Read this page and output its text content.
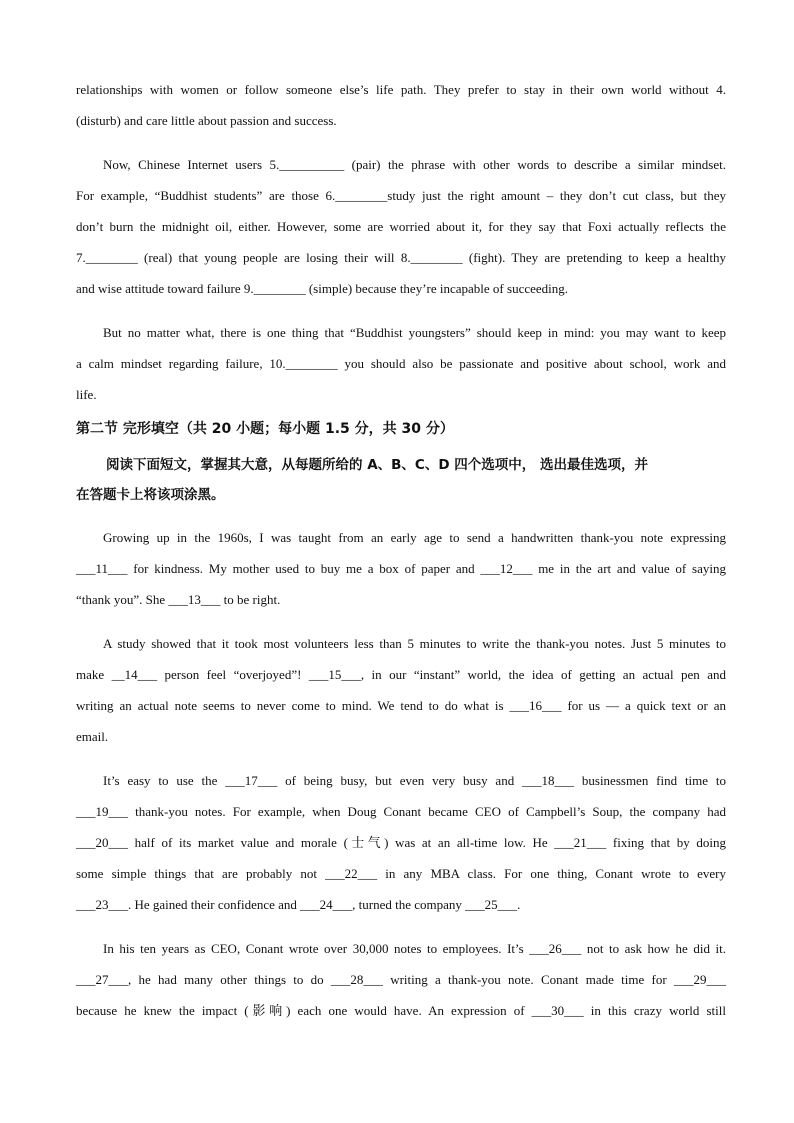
relationships with women or follow someone else’s life path. They prefer to stay in their own world without 4.
(disturb) and care little about passion and success.
Now, Chinese Internet users 5.__________ (pair) the phrase with other words to describe a similar mindset.
For example, “Buddhist students” are those 6.________study just the right amount – they don’t cut class, but they
don’t burn the midnight oil, either. However, some are worried about it, for they say that Foxi actually reflects the
7.________ (real) that young people are losing their will 8.________ (fight). They are pretending to keep a healthy
and wise attitude toward failure 9.________ (simple) because they’re incapable of succeeding.
But no matter what, there is one thing that “Buddhist youngsters” should keep in mind: you may want to keep
a calm mindset regarding failure, 10.________ you should also be passionate and positive about school, work and
life.
第二节 完形填空（共 20 小题；每小题 1.5 分，共 30 分）
阅读下面短文，掌握其大意，从每题所给的 A、B、C、D 四个选项中， 选出最佳选项，并
在答题卡上将该项涂黑。
Growing up in the 1960s, I was taught from an early age to send a handwritten thank-you note expressing
___11___ for kindness. My mother used to buy me a box of paper and ___12___ me in the art and value of saying
“thank you”. She ___13___ to be right.
A study showed that it took most volunteers less than 5 minutes to write the thank-you notes. Just 5 minutes to
make __14___ person feel “overjoyed”! ___15___, in our “instant” world, the idea of getting an actual pen and
writing an actual note seems to never come to mind. We tend to do what is ___16___ for us — a quick text or an
email.
It’s easy to use the ___17___ of being busy, but even very busy and ___18___ businessmen find time to
___19___ thank-you notes. For example, when Doug Conant became CEO of Campbell’s Soup, the company had
___20___ half of its market value and morale (士气) was at an all-time low. He ___21___ fixing that by doing
some simple things that are probably not ___22___ in any MBA class. For one thing, Conant wrote to every
___23___. He gained their confidence and ___24___, turned the company ___25___.
In his ten years as CEO, Conant wrote over 30,000 notes to employees. It’s ___26___ not to ask how he did it.
___27___, he had many other things to do ___28___ writing a thank-you note. Conant made time for ___29___
because he knew the impact (影响) each one would have. An expression of ___30___ in this crazy world still
